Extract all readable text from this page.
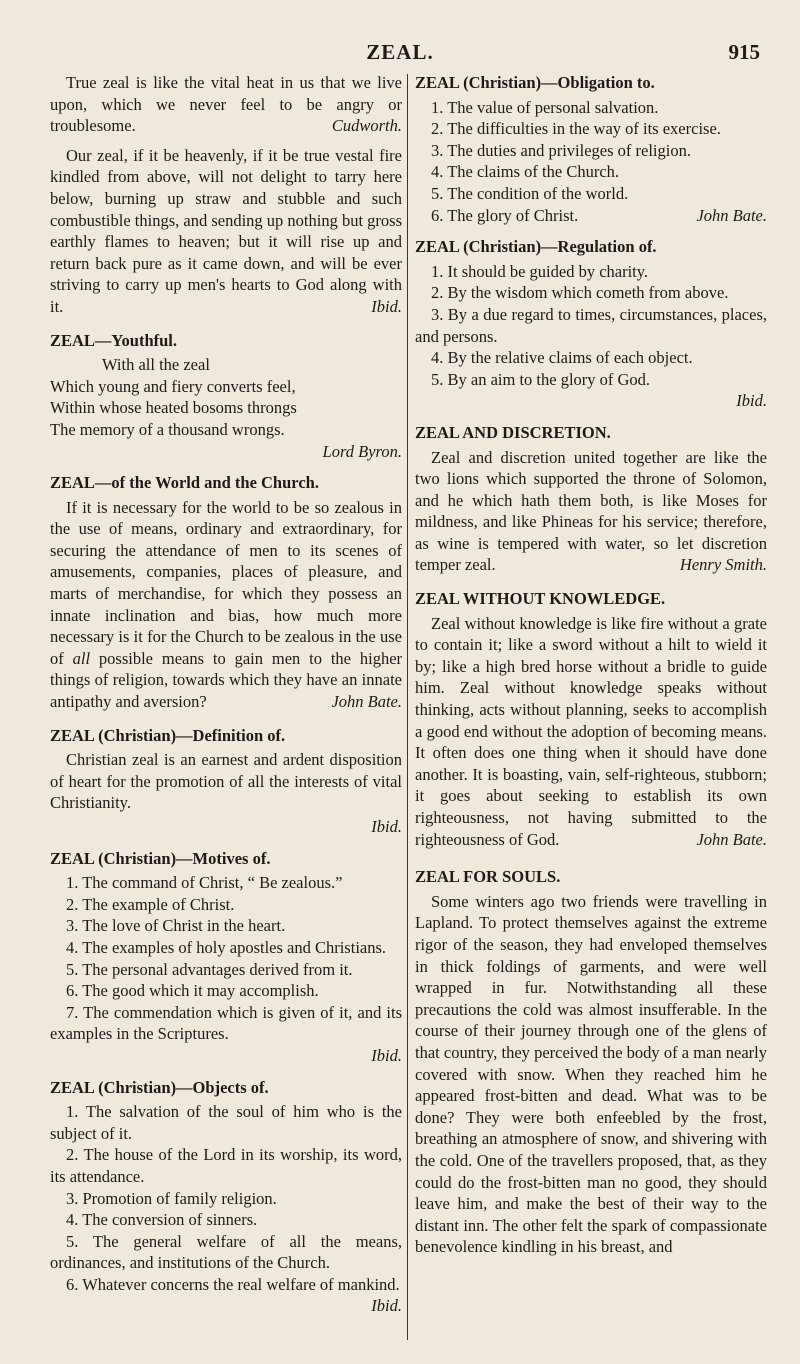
ZEAL.	915

True zeal is like the vital heat in us that we live upon, which we never feel to be angry or troublesome.	Cudworth.

Our zeal, if it be heavenly, if it be true vestal fire kindled from above, will not delight to tarry here below, burning up straw and stubble and such combustible things, and sending up nothing but gross earthly flames to heaven; but it will rise up and return back pure as it came down, and will be ever striving to carry up men's hearts to God along with it.	Ibid.

ZEAL—Youthful.
With all the zeal
Which young and fiery converts feel,
Within whose heated bosoms throngs
The memory of a thousand wrongs.
Lord Byron.
ZEAL—of the World and the Church.

If it is necessary for the world to be so zealous in the use of means, ordinary and extraordinary, for securing the attendance of men to its scenes of amusements, companies, places of pleasure, and marts of merchandise, for which they possess an innate inclination and bias, how much more necessary is it for the Church to be zealous in the use of all possible means to gain men to the higher things of religion, towards which they have an innate antipathy and aversion?	John Bate.

ZEAL (Christian)—Definition of.

Christian zeal is an earnest and ardent disposition of heart for the promotion of all the interests of vital Christianity.

Ibid.
ZEAL (Christian)—Motives of.
1. The command of Christ, “ Be zealous.”
2. The example of Christ.
3. The love of Christ in the heart.
4. The examples of holy apostles and Christians.
5. The personal advantages derived from it.
6. The good which it may accomplish.
7. The commendation which is given of it, and its examples in the Scriptures.
Ibid.
ZEAL (Christian)—Objects of.
1. The salvation of the soul of him who is the subject of it.
2. The house of the Lord in its worship, its word, its attendance.
3. Promotion of family religion.
4. The conversion of sinners.
5. The general welfare of all the means, ordinances, and institutions of the Church.
6. Whatever concerns the real welfare of mankind.
Ibid.
ZEAL (Christian)—Obligation to.
1. The value of personal salvation.
2. The difficulties in the way of its exercise.
3. The duties and privileges of religion.
4. The claims of the Church.
5. The condition of the world.
6. The glory of Christ.	John Bate.
ZEAL (Christian)—Regulation of.
1. It should be guided by charity.
2. By the wisdom which cometh from above.
3. By a due regard to times, circumstances, places, and persons.
4. By the relative claims of each object.
5. By an aim to the glory of God.
Ibid.
ZEAL AND DISCRETION.

Zeal and discretion united together are like the two lions which supported the throne of Solomon, and he which hath them both, is like Moses for mildness, and like Phineas for his service; therefore, as wine is tempered with water, so let discretion temper zeal.	Henry Smith.

ZEAL WITHOUT KNOWLEDGE.

Zeal without knowledge is like fire without a grate to contain it; like a sword without a hilt to wield it by; like a high bred horse without a bridle to guide him. Zeal without knowledge speaks without thinking, acts without planning, seeks to accomplish a good end without the adoption of becoming means. It often does one thing when it should have done another. It is boasting, vain, self-righteous, stubborn; it goes about seeking to establish its own righteousness, not having submitted to the righteousness of God.	John Bate.

ZEAL FOR SOULS.

Some winters ago two friends were travelling in Lapland. To protect themselves against the extreme rigor of the season, they had enveloped themselves in thick foldings of garments, and were well wrapped in fur. Notwithstanding all these precautions the cold was almost insufferable. In the course of their journey through one of the glens of that country, they perceived the body of a man nearly covered with snow. When they reached him he appeared frost-bitten and dead. What was to be done? They were both enfeebled by the frost, breathing an atmosphere of snow, and shivering with the cold. One of the travellers proposed, that, as they could do the frost-bitten man no good, they should leave him, and make the best of their way to the distant inn. The other felt the spark of compassionate benevolence kindling in his breast, and
